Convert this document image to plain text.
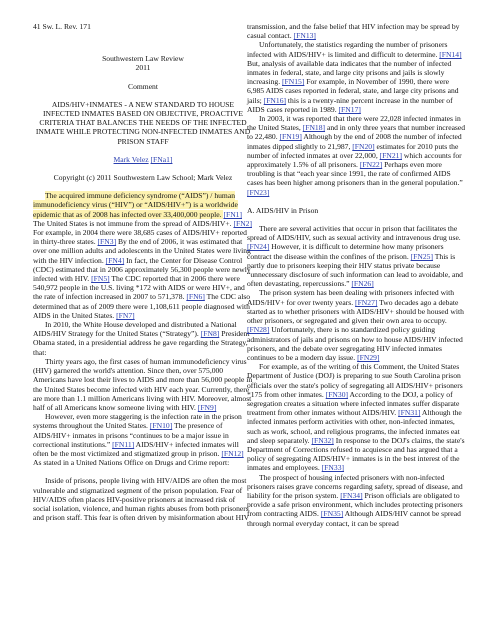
41 Sw. L. Rev. 171

Southwestern Law Review

2011

Comment

AIDS/HIV+INMATES - A NEW STANDARD TO HOUSE INFECTED INMATES BASED ON OBJECTIVE, PROACTIVE CRITERIA THAT BALANCES THE NEEDS OF THE INFECTED INMATE WHILE PROTECTING NON-INFECTED INMATES AND PRISON STAFF

Mark Velez [FNa1]

Copyright (c) 2011 Southwestern Law School; Mark Velez

The acquired immune deficiency syndrome (“AIDS”) / human immunodeficiency virus (“HIV”) or “AIDS/HIV+”) is a worldwide epidemic that as of 2008 has infected over 33,400,000 people. [FN1] The United States is not immune from the spread of AIDS/HIV+. [FN2] For example, in 2004 there were 38,685 cases of AIDS/HIV+ reported in thirty-three states. [FN3] By the end of 2006, it was estimated that over one million adults and adolescents in the United States were living with the HIV infection. [FN4] In fact, the Center for Disease Control (CDC) estimated that in 2006 approximately 56,300 people were newly infected with HIV. [FN5] The CDC reported that in 2006 there were 540,972 people in the U.S. living *172 with AIDS or were HIV+, and the rate of infection increased in 2007 to 571,378. [FN6] The CDC also determined that as of 2009 there were 1,108,611 people diagnosed with AIDS in the United States. [FN7]

In 2010, the White House developed and distributed a National AIDS/HIV Strategy for the United States (“Strategy”). [FN8] President Obama stated, in a presidential address he gave regarding the Strategy, that:

Thirty years ago, the first cases of human immunodeficiency virus (HIV) garnered the world's attention. Since then, over 575,000 Americans have lost their lives to AIDS and more than 56,000 people in the United States become infected with HIV each year. Currently, there are more than 1.1 million Americans living with HIV. Moreover, almost half of all Americans know someone living with HIV. [FN9]

However, even more staggering is the infection rate in the prison systems throughout the United States. [FN10] The presence of AIDS/HIV+ inmates in prisons “continues to be a major issue in correctional institutions.” [FN11] AIDS/HIV+ infected inmates will often be the most victimized and stigmatized group in prison. [FN12] As stated in a United Nations Office on Drugs and Crime report:

Inside of prisons, people living with HIV/AIDS are often the most vulnerable and stigmatized segment of the prison population. Fear of HIV/AIDS often places HIV-positive prisoners at increased risk of social isolation, violence, and human rights abuses from both prisoners and prison staff. This fear is often driven by misinformation about HIV

transmission, and the false belief that HIV infection may be spread by casual contact. [FN13]

Unfortunately, the statistics regarding the number of prisoners infected with AIDS/HIV+ is limited and difficult to determine. [FN14] But, analysis of available data indicates that the number of infected inmates in federal, state, and large city prisons and jails is slowly increasing. [FN15] For example, in November of 1990, there were 6,985 AIDS cases reported in federal, state, and large city prisons and jails; [FN16] this is a twenty-nine percent increase in the number of AIDS cases reported in 1989. [FN17]

In 2003, it was reported that there were 22,028 infected inmates in the United States, [FN18] and in only three years that number increased to 22,480. [FN19] Although by the end of 2008 the number of infected inmates dipped slightly to 21,987, [FN20] estimates for 2010 puts the number of infected inmates at over 22,000, [FN21] which accounts for approximately 1.5% of all prisoners. [FN22] Perhaps even more troubling is that “each year since 1991, the rate of confirmed AIDS cases has been higher among prisoners than in the general population.” [FN23]

A. AIDS/HIV in Prison

There are several activities that occur in prison that facilitates the spread of AIDS/HIV, such as sexual activity and intravenous drug use. [FN24] However, it is difficult to determine how many prisoners contract the disease within the confines of the prison. [FN25] This is partly due to prisoners keeping their HIV status private because “unnecessary disclosure of such information can lead to avoidable, and often devastating, repercussions.” [FN26]

The prison system has been dealing with prisoners infected with AIDS/HIV+ for over twenty years. [FN27] Two decades ago a debate started as to whether prisoners with AIDS/HIV+ should be housed with other prisoners, or segregated and given their own area to occupy. [FN28] Unfortunately, there is no standardized policy guiding administrators of jails and prisons on how to house AIDS/HIV infected prisoners, and the debate over segregating HIV infected inmates continues to be a modern day issue. [FN29]

For example, as of the writing of this Comment, the United States Department of Justice (DOJ) is preparing to sue South Carolina prison officials over the state's policy of segregating all AIDS/HIV+ prisoners *175 from other inmates. [FN30] According to the DOJ, a policy of segregation creates a situation where infected inmates suffer disparate treatment from other inmates without AIDS/HIV. [FN31] Although the infected inmates perform activities with other, non-infected inmates, such as work, school, and religious programs, the infected inmates eat and sleep separately. [FN32] In response to the DOJ's claims, the state's Department of Corrections refused to acquiesce and has argued that a policy of segregating AIDS/HIV+ inmates is in the best interest of the inmates and employees. [FN33]

The prospect of housing infected prisoners with non-infected prisoners raises grave concerns regarding safety, spread of disease, and liability for the prison system. [FN34] Prison officials are obligated to provide a safe prison environment, which includes protecting prisoners from contracting AIDS. [FN35] Although AIDS/HIV cannot be spread through normal everyday contact, it can be spread
